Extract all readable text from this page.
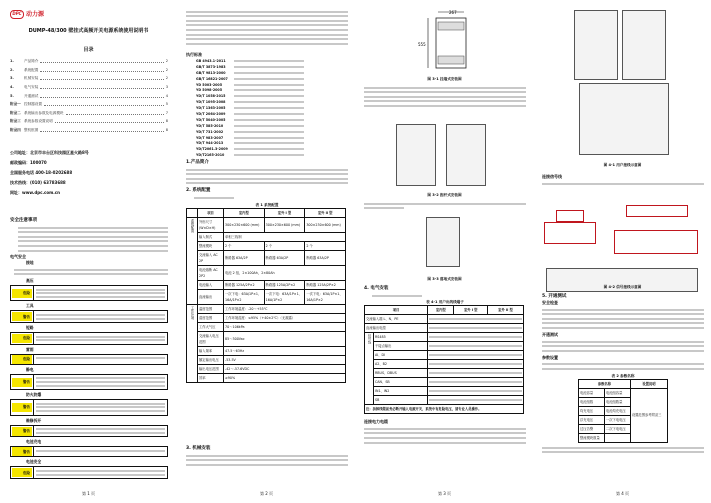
DPC 动力源
DUMP-48/300 壁挂式高频开关电源系统使用说明书
目录
1.	产品简介	2
2.	系统配置	2
3.	机械安装	2
4.	电气安装	3
5.	开通测试	4
附录一 控制器设置	5
附录二 系统输出参数及电源模块	7
附录三 系统参数设置说明	8
附录四 整机框图	8
公司地址：北京市丰台区科技园区星火路8号
邮政编码：100070
全国服务电话 400-18-0202688
技术热线：(010) 63783688
网址：www.dpc.com.cn
安全注意事项
电气安全
接地
高压
危险
工具
警告
短路
危险
雷雨
危险
静电
警告
防火防爆
警告
维修拆开
警告
电池充电
警告
电池安全
危险
第 1 页
执行标准
GB 4943.1-2011
GB/T 3873-1983
GB/T 9813-2000
GB/T 16821-2007
YD 5003-2005
YD 5098-2005
YD/T 1058-2015
YD/T 1095-2008
YD/T 1363-2005
YD/T 2064-2009
YD/T 5040-2005
YD/T 585-2010
YD/T 731-2002
YD/T 983-2007
YD/T 944-2013
YD/T2061.3-2009
YD/T2165-2010
1.产品简介
2. 系统配置
表 1 系统配置
	项目	室内型	室外 I 型	室外 II 型
系统配置	外形尺寸 (W×D×H)	300×230×600 (mm)	300×230×600 (mm)	300×230×600 (mm)
	输入制式	单相三线制		
	整流模块	2 个	2 个	2 个
	交流输入 AC 2P	断路器 63A/2P	断路器 63A/2P	断路器 63A/2P
	电池熔断 AC 2P2	电池 2 组，2×100Ah，2×80Ah		
	电池输入	断路器 125A/2P×2	断路器 125A/2P×2	断路器 125A/2P×2
	直流输出	一次下电：63A/1P×1、16A/1P×2	一次下电：63A/1P×1、16A/1P×2	一次下电：63A/1P×1、16A/1P×2
工作环境	温度范围	工作环境温度：-20～+55℃		
	湿度范围	工作环境湿度：≤95%（+40±2℃）（无凝露）		
	工作大气压	70～106kPa		
	交流输入电压范围	85～300Vac		
	输入频率	47.5～63Hz		
	额定输出电压	-53.5V		
	输出电压范围	-42～-57.6VDC		
	效率	≥90%		
3. 机械安装
第 2 页
267
555
图 3-1 挂墙式安装图
图 3-2 抱杆式安装图
图 3-3 落地式安装图
4. 电气安装
表 4-1 用户出线线端子
项目		室内型	室外 I 型	室外 II 型
交流输入端 L、N、PE				

直流输出电缆				

信号线	RS485			

	干接点输出			

	AI、DI			

	A2、B2			

	RBUS、DBUS			

	CAN、SB			

	IN1、IN2			

	SB			
注：拆卸线缆前务必断开输入电源开关，系统中有危险电压，请专业人员操作。
连接电力电缆
第 3 页
图 4-1 用户接线示意图
连接信号线
图 4-2 信号接线示意图
5. 开通测试
安全检查
开通测试
参数设置
表 2 参数名称
参数名称		设置说明
电池容量	电池组容量	设置范围参考附录三
电池组数	电池组数量	
均充电压	电池均充电压	
浮充电压	一次下电电压	
过压告警	二次下电电压	
整流模块数量		
第 4 页
